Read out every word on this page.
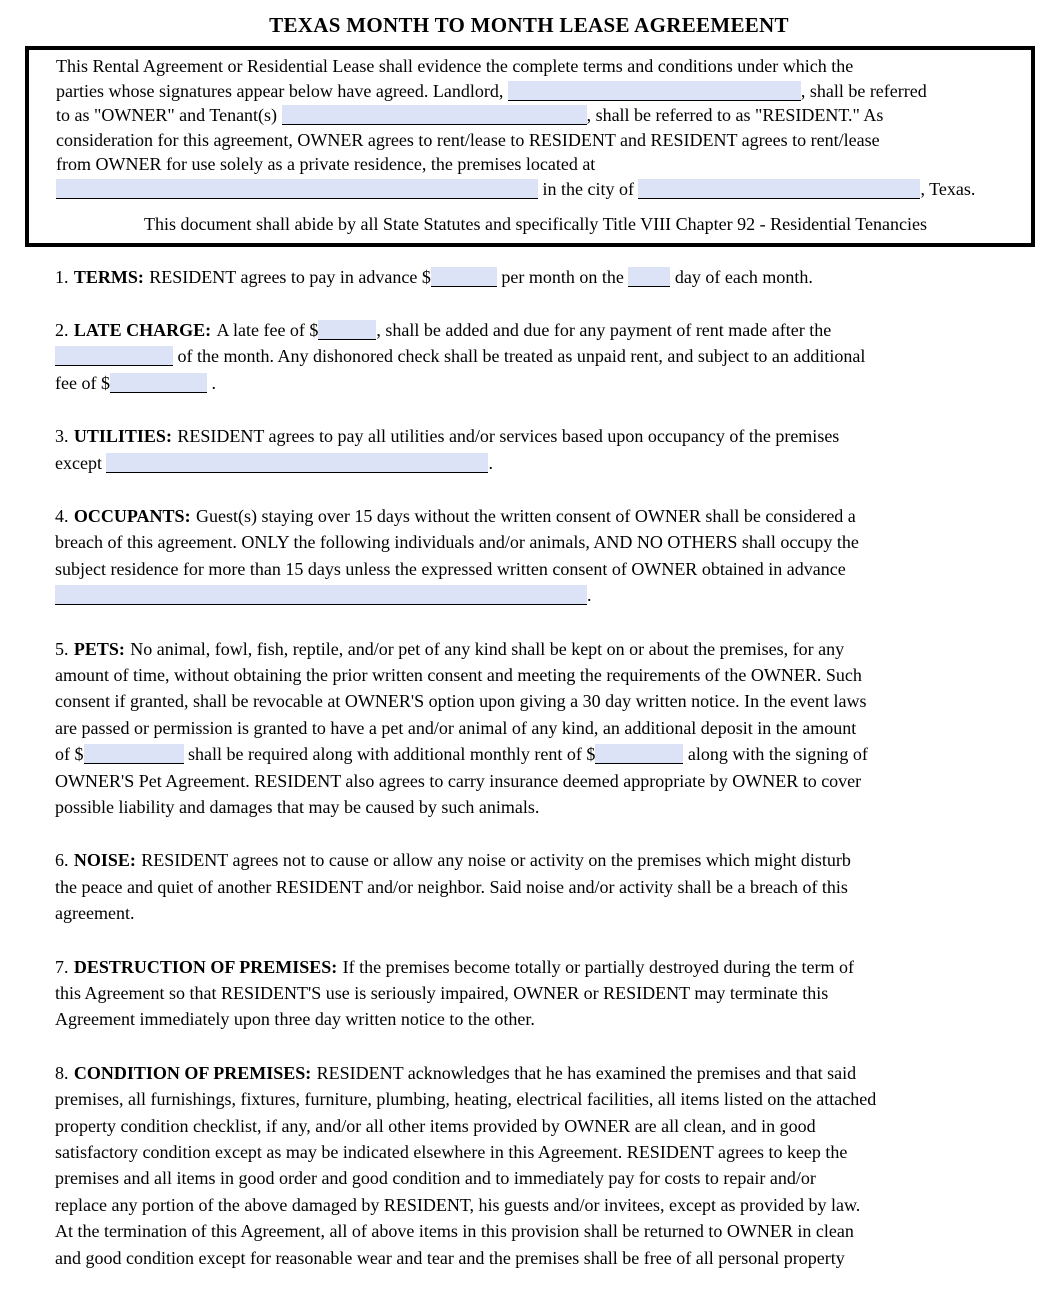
TEXAS MONTH TO MONTH LEASE AGREEMEENT
This Rental Agreement or Residential Lease shall evidence the complete terms and conditions under which the
parties whose signatures appear below have agreed. Landlord,	, shall be referred
to as "OWNER" and Tenant(s)	, shall be referred to as "RESIDENT." As
consideration for this agreement, OWNER agrees to rent/lease to RESIDENT and RESIDENT agrees to rent/lease
from OWNER for use solely as a private residence, the premises located at
in the city of	, Texas.
This document shall abide by all State Statutes and specifically Title VIII Chapter 92 - Residential Tenancies
1. TERMS: RESIDENT agrees to pay in advance $	per month on the  day of each month.
2. LATE CHARGE: A late fee of $	, shall be added and due for any payment of rent made after the
of the month. Any dishonored check shall be treated as unpaid rent, and subject to an additional
fee of $	.
3. UTILITIES: RESIDENT agrees to pay all utilities and/or services based upon occupancy of the premises
except	.
4. OCCUPANTS: Guest(s) staying over 15 days without the written consent of OWNER shall be considered a
breach of this agreement. ONLY the following individuals and/or animals, AND NO OTHERS shall occupy the
subject residence for more than 15 days unless the expressed written consent of OWNER obtained in advance
.
5. PETS: No animal, fowl, fish, reptile, and/or pet of any kind shall be kept on or about the premises, for any
amount of time, without obtaining the prior written consent and meeting the requirements of the OWNER. Such
consent if granted, shall be revocable at OWNER'S option upon giving a 30 day written notice. In the event laws
are passed or permission is granted to have a pet and/or animal of any kind, an additional deposit in the amount
of $	shall be required along with additional monthly rent of $	along with the signing of
OWNER'S Pet Agreement. RESIDENT also agrees to carry insurance deemed appropriate by OWNER to cover
possible liability and damages that may be caused by such animals.
6. NOISE: RESIDENT agrees not to cause or allow any noise or activity on the premises which might disturb
the peace and quiet of another RESIDENT and/or neighbor. Said noise and/or activity shall be a breach of this
agreement.
7. DESTRUCTION OF PREMISES: If the premises become totally or partially destroyed during the term of
this Agreement so that RESIDENT'S use is seriously impaired, OWNER or RESIDENT may terminate this
Agreement immediately upon three day written notice to the other.
8. CONDITION OF PREMISES: RESIDENT acknowledges that he has examined the premises and that said
premises, all furnishings, fixtures, furniture, plumbing, heating, electrical facilities, all items listed on the attached
property condition checklist, if any, and/or all other items provided by OWNER are all clean, and in good
satisfactory condition except as may be indicated elsewhere in this Agreement. RESIDENT agrees to keep the
premises and all items in good order and good condition and to immediately pay for costs to repair and/or
replace any portion of the above damaged by RESIDENT, his guests and/or invitees, except as provided by law.
At the termination of this Agreement, all of above items in this provision shall be returned to OWNER in clean
and good condition except for reasonable wear and tear and the premises shall be free of all personal property
